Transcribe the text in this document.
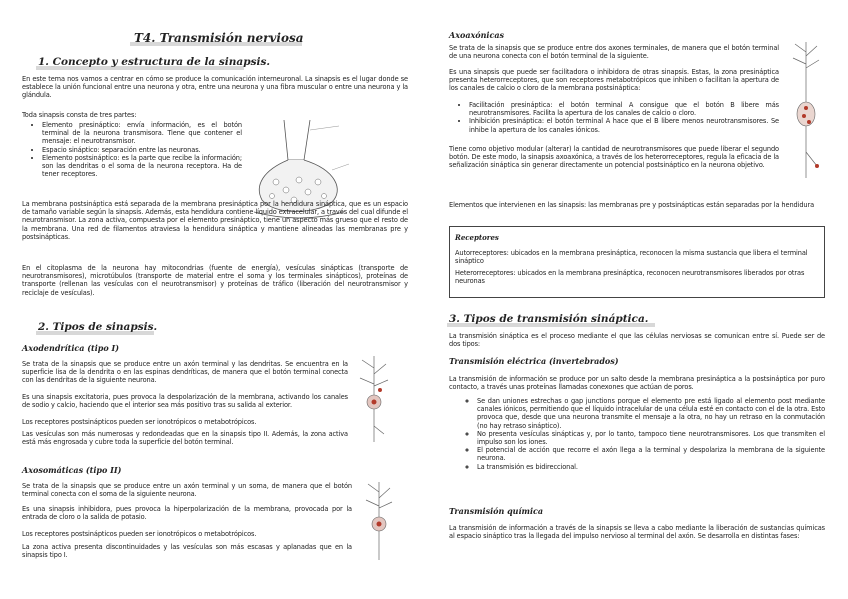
T4. Transmisión nerviosa
1. Concepto y estructura de la sinapsis.
En este tema nos vamos a centrar en cómo se produce la comunicación interneuronal. La sinapsis es el lugar donde se establece la unión funcional entre una neurona y otra, entre una neurona y una fibra muscular o entre una neurona y la glándula.
Toda sinapsis consta de tres partes:
• Elemento presináptico: envía información, es el botón terminal de la neurona transmisora. Tiene que contener el mensaje: el neurotransmisor.
• Espacio sináptico: separación entre las neuronas.
• Elemento postsináptico: es la parte que recibe la información; son las dendritas o el soma de la neurona receptora. Ha de tener receptores.
La membrana postsináptica está separada de la membrana presináptica por la hendidura sináptica, que es un espacio de tamaño variable según la sinapsis. Además, esta hendidura contiene líquido extracelular, a través del cual difunde el neurotransmisor. La zona activa, compuesta por el elemento presináptico, tiene un aspecto más grueso que el resto de la membrana. Una red de filamentos atraviesa la hendidura sináptica y mantiene alineadas las membranas pre y postsinápticas.
En el citoplasma de la neurona hay mitocondrias (fuente de energía), vesículas sinápticas (transporte de neurotransmisores), microtúbulos (transporte de material entre el soma y los terminales sinápticos), proteínas de transporte (rellenan las vesículas con el neurotransmisor) y proteínas de tráfico (liberación del neurotransmisor y reciclaje de vesículas).
2. Tipos de sinapsis.
Axodendrítica (tipo I)
Se trata de la sinapsis que se produce entre un axón terminal y las dendritas. Se encuentra en la superficie lisa de la dendrita o en las espinas dendríticas, de manera que el botón terminal conecta con las dendritas de la siguiente neurona.
Es una sinapsis excitatoria, pues provoca la despolarización de la membrana, activando los canales de sodio y calcio, haciendo que el interior sea más positivo tras su salida al exterior.
Los receptores postsinápticos pueden ser ionotrópicos o metabotrópicos.
Las vesículas son más numerosas y redondeadas que en la sinapsis tipo II. Además, la zona activa está más engrosada y cubre toda la superficie del botón terminal.
Axosomáticas (tipo II)
Se trata de la sinapsis que se produce entre un axón terminal y un soma, de manera que el botón terminal conecta con el soma de la siguiente neurona.
Es una sinapsis inhibidora, pues provoca la hiperpolarización de la membrana, provocada por la entrada de cloro o la salida de potasio.
Los receptores postsinápticos pueden ser ionotrópicos o metabotrópicos.
La zona activa presenta discontinuidades y las vesículas son más escasas y aplanadas que en la sinapsis tipo I.
Axoaxónicas
Se trata de la sinapsis que se produce entre dos axones terminales, de manera que el botón terminal de una neurona conecta con el botón terminal de la siguiente.
Es una sinapsis que puede ser facilitadora o inhibidora de otras sinapsis. Estas, la zona presináptica presenta heterorreceptores, que son receptores metabotrópicos que inhiben o facilitan la apertura de los canales de calcio o cloro de la membrana postsináptica:
• Facilitación presináptica: el botón terminal A consigue que el botón B libere más neurotransmisores. Facilita la apertura de los canales de calcio o cloro.
• Inhibición presináptica: el botón terminal A hace que el B libere menos neurotransmisores. Se inhibe la apertura de los canales iónicos.
Tiene como objetivo modular (alterar) la cantidad de neurotransmisores que puede liberar el segundo botón. De este modo, la sinapsis axoaxónica, a través de los heterorreceptores, regula la eficacia de la señalización sináptica sin generar directamente un potencial postsináptico en la neurona objetivo.
Elementos que intervienen en las sinapsis: las membranas pre y postsinápticas están separadas por la hendidura
Receptores
Autorreceptores: ubicados en la membrana presináptica, reconocen la misma sustancia que libera el terminal sináptico
Heterorreceptores: ubicados en la membrana presináptica, reconocen neurotransmisores liberados por otras neuronas
3. Tipos de transmisión sináptica.
La transmisión sináptica es el proceso mediante el que las células nerviosas se comunican entre sí. Puede ser de dos tipos:
Transmisión eléctrica (invertebrados)
La transmisión de información se produce por un salto desde la membrana presináptica a la postsináptica por puro contacto, a través unas proteínas llamadas conexones que actúan de poros.
◦ Se dan uniones estrechas o gap junctions porque el elemento pre está ligado al elemento post mediante canales iónicos, permitiendo que el líquido intracelular de una célula esté en contacto con el de la otra. Esto provoca que, desde que una neurona transmite el mensaje a la otra, no hay un retraso en la conmutación (no hay retraso sináptico).
◦ No presenta vesículas sinápticas y, por lo tanto, tampoco tiene neurotransmisores. Los que transmiten el impulso son los iones.
◦ El potencial de acción que recorre el axón llega a la terminal y despolariza la membrana de la siguiente neurona.
◦ La transmisión es bidireccional.
Transmisión química
La transmisión de información a través de la sinapsis se lleva a cabo mediante la liberación de sustancias químicas al espacio sináptico tras la llegada del impulso nervioso al terminal del axón. Se desarrolla en distintas fases:
